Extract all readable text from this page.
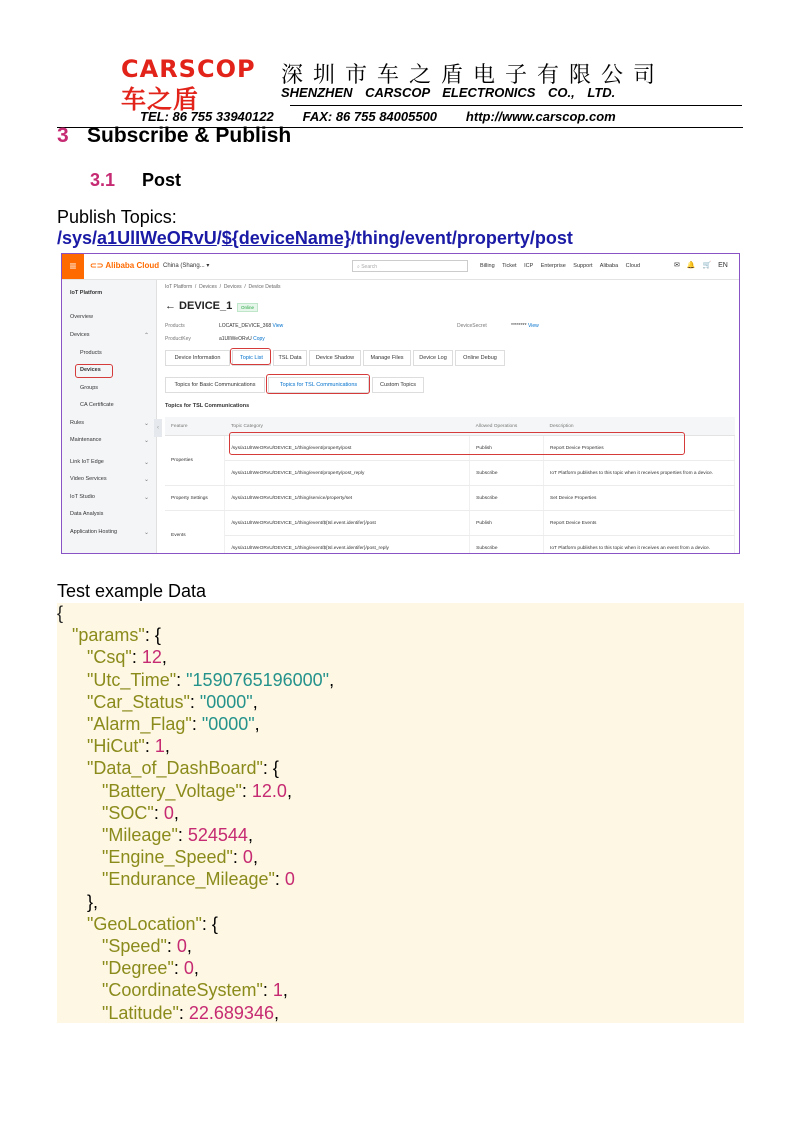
CARSCOP
车之盾
深圳市车之盾电子有限公司
SHENZHEN CARSCOP ELECTRONICS CO., LTD.
TEL: 86 755 33940122        FAX: 86 755 84005500        http://www.carscop.com
3 Subscribe & Publish
3.1 Post
Publish Topics:
/sys/a1UlIWeORvU/${deviceName}/thing/event/property/post
≡	⊂⊃ Alibaba Cloud China (Shang... ▾	⌕ Search	Billing Ticket ICP Enterprise Support Alibaba Cloud	✉ 🔔 🛒 EN
IoT Platform
Overview
Devices	⌃
Products
Devices
Groups
CA Certificate
Rules	⌄
Maintenance	⌄
Link IoT Edge	⌄
Video Services	⌄
IoT Studio	⌄
Data Analysis
Application Hosting	⌄
‹
IoT Platform  /  Devices  /  Devices  /  Device Details
← DEVICE_1	Online
Products	LOCATE_DEVICE_368 View
ProductKey	a1UlIWeORvU Copy
DeviceSecret	******** View
Device Information	Topic List	TSL Data	Device Shadow	Manage Files	Device Log	Online Debug
Topics for Basic Communications	Topics for TSL Communications	Custom Topics
Topics for TSL Communications
Feature	Topic Category	Allowed Operations	Description
Properties	/sys/a1UlIWeORvU/DEVICE_1/thing/event/property/post	Publish	Report Device Properties
	/sys/a1UlIWeORvU/DEVICE_1/thing/event/property/post_reply	Subscribe	IoT Platform publishes to this topic when it receives properties from a device.
Property Settings	/sys/a1UlIWeORvU/DEVICE_1/thing/service/property/set	Subscribe	Set Device Properties
Events	/sys/a1UlIWeORvU/DEVICE_1/thing/event/${tsl.event.identifer}/post	Publish	Report Device Events
	/sys/a1UlIWeORvU/DEVICE_1/thing/event/${tsl.event.identifer}/post_reply	Subscribe	IoT Platform publishes to this topic when it receives an event from a device.
Test example Data
{
"params": {
"Csq": 12,
"Utc_Time": "1590765196000",
"Car_Status": "0000",
"Alarm_Flag": "0000",
"HiCut": 1,
"Data_of_DashBoard": {
"Battery_Voltage": 12.0,
"SOC": 0,
"Mileage": 524544,
"Engine_Speed": 0,
"Endurance_Mileage": 0
},
"GeoLocation": {
"Speed": 0,
"Degree": 0,
"CoordinateSystem": 1,
"Latitude": 22.689346,
